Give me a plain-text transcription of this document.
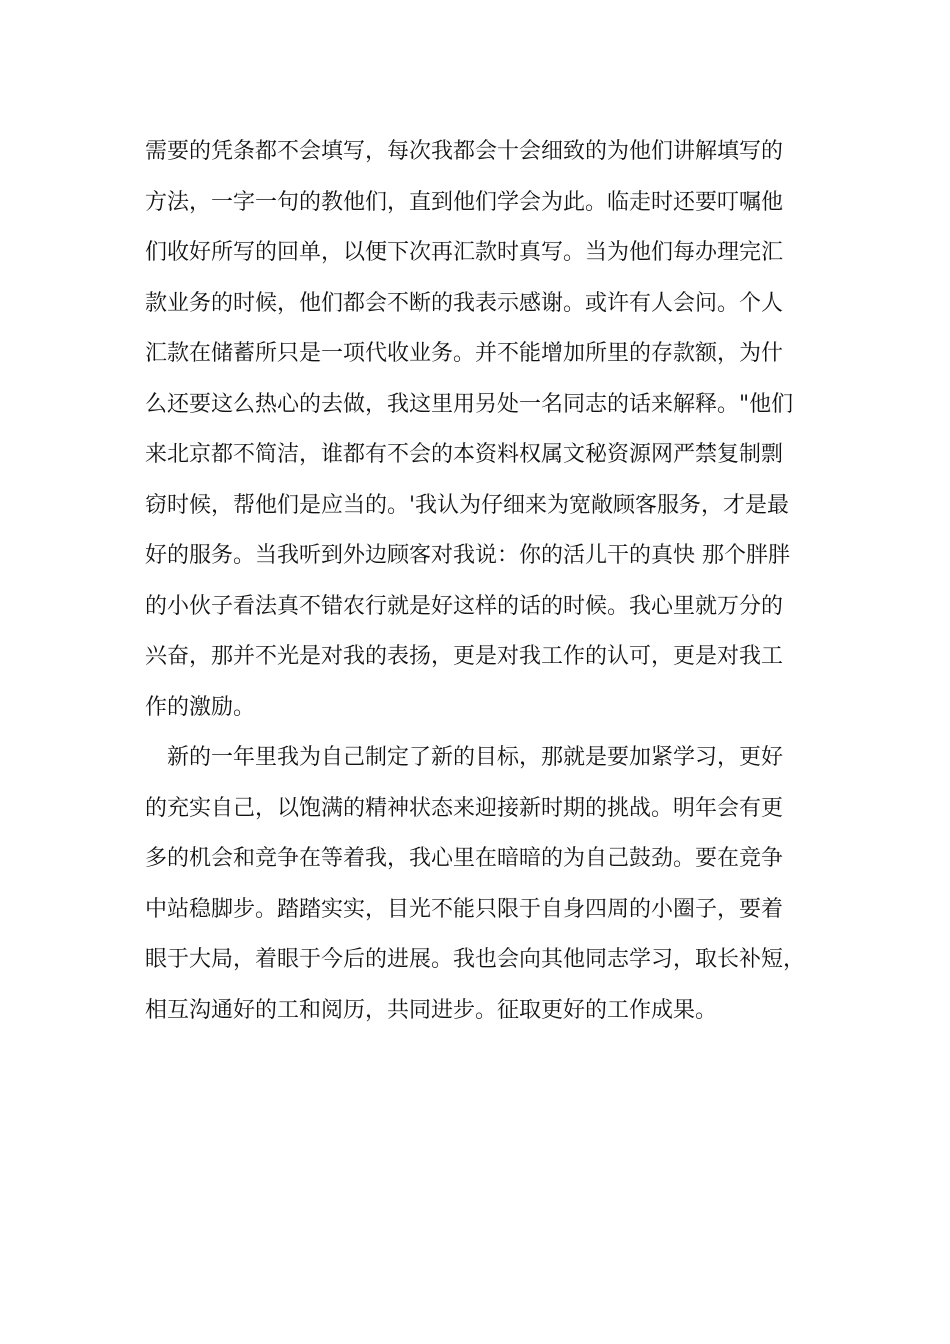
需要的凭条都不会填写，每次我都会十会细致的为他们讲解填写的
方法，一字一句的教他们，直到他们学会为此。临走时还要叮嘱他
们收好所写的回单，以便下次再汇款时真写。当为他们每办理完汇
款业务的时候，他们都会不断的我表示感谢。或许有人会问。个人
汇款在储蓄所只是一项代收业务。并不能增加所里的存款额，为什
么还要这么热心的去做，我这里用另处一名同志的话来解释。"他们
来北京都不简洁，谁都有不会的本资料权属文秘资源网严禁复制剽
窃时候，帮他们是应当的。'我认为仔细来为宽敞顾客服务，才是最
好的服务。当我听到外边顾客对我说：你的活儿干的真快 那个胖胖
的小伙子看法真不错农行就是好这样的话的时候。我心里就万分的
兴奋，那并不光是对我的表扬，更是对我工作的认可，更是对我工
作的激励。
新的一年里我为自己制定了新的目标，那就是要加紧学习，更好
的充实自己，以饱满的精神状态来迎接新时期的挑战。明年会有更
多的机会和竞争在等着我，我心里在暗暗的为自己鼓劲。要在竞争
中站稳脚步。踏踏实实，目光不能只限于自身四周的小圈子，要着
眼于大局，着眼于今后的进展。我也会向其他同志学习，取长补短，
相互沟通好的工和阅历，共同进步。征取更好的工作成果。
